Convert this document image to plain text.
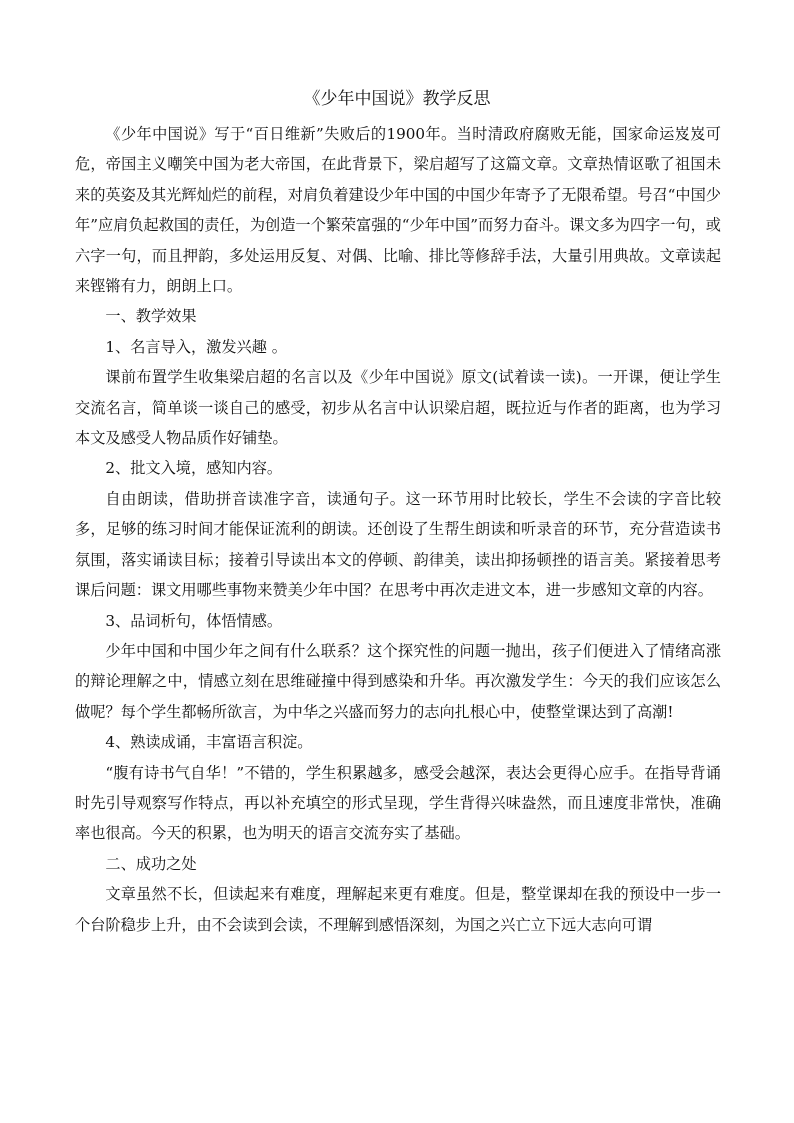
《少年中国说》教学反思

《少年中国说》写于“百日维新”失败后的1900年。当时清政府腐败无能，国家命运岌岌可危，帝国主义嘲笑中国为老大帝国，在此背景下，梁启超写了这篇文章。文章热情讴歌了祖国未来的英姿及其光辉灿烂的前程，对肩负着建设少年中国的中国少年寄予了无限希望。号召“中国少年”应肩负起救国的责任，为创造一个繁荣富强的“少年中国”而努力奋斗。课文多为四字一句，或六字一句，而且押韵，多处运用反复、对偶、比喻、排比等修辞手法，大量引用典故。文章读起来铿锵有力，朗朗上口。

一、教学效果

1、名言导入，激发兴趣 。

课前布置学生收集梁启超的名言以及《少年中国说》原文(试着读一读)。一开课，便让学生交流名言，简单谈一谈自己的感受，初步从名言中认识梁启超，既拉近与作者的距离，也为学习本文及感受人物品质作好铺垫。

2、批文入境，感知内容。

自由朗读，借助拼音读准字音，读通句子。这一环节用时比较长，学生不会读的字音比较多，足够的练习时间才能保证流利的朗读。还创设了生帮生朗读和听录音的环节，充分营造读书氛围，落实诵读目标；接着引导读出本文的停顿、韵律美，读出抑扬顿挫的语言美。紧接着思考课后问题：课文用哪些事物来赞美少年中国？在思考中再次走进文本，进一步感知文章的内容。

3、品词析句，体悟情感。

少年中国和中国少年之间有什么联系？这个探究性的问题一抛出，孩子们便进入了情绪高涨的辩论理解之中，情感立刻在思维碰撞中得到感染和升华。再次激发学生：今天的我们应该怎么做呢？每个学生都畅所欲言，为中华之兴盛而努力的志向扎根心中，使整堂课达到了高潮!

4、熟读成诵，丰富语言积淀。

“腹有诗书气自华！”不错的，学生积累越多，感受会越深，表达会更得心应手。在指导背诵时先引导观察写作特点，再以补充填空的形式呈现，学生背得兴味盎然，而且速度非常快，准确率也很高。今天的积累，也为明天的语言交流夯实了基础。

二、成功之处

文章虽然不长，但读起来有难度，理解起来更有难度。但是，整堂课却在我的预设中一步一个台阶稳步上升，由不会读到会读，不理解到感悟深刻，为国之兴亡立下远大志向可谓
